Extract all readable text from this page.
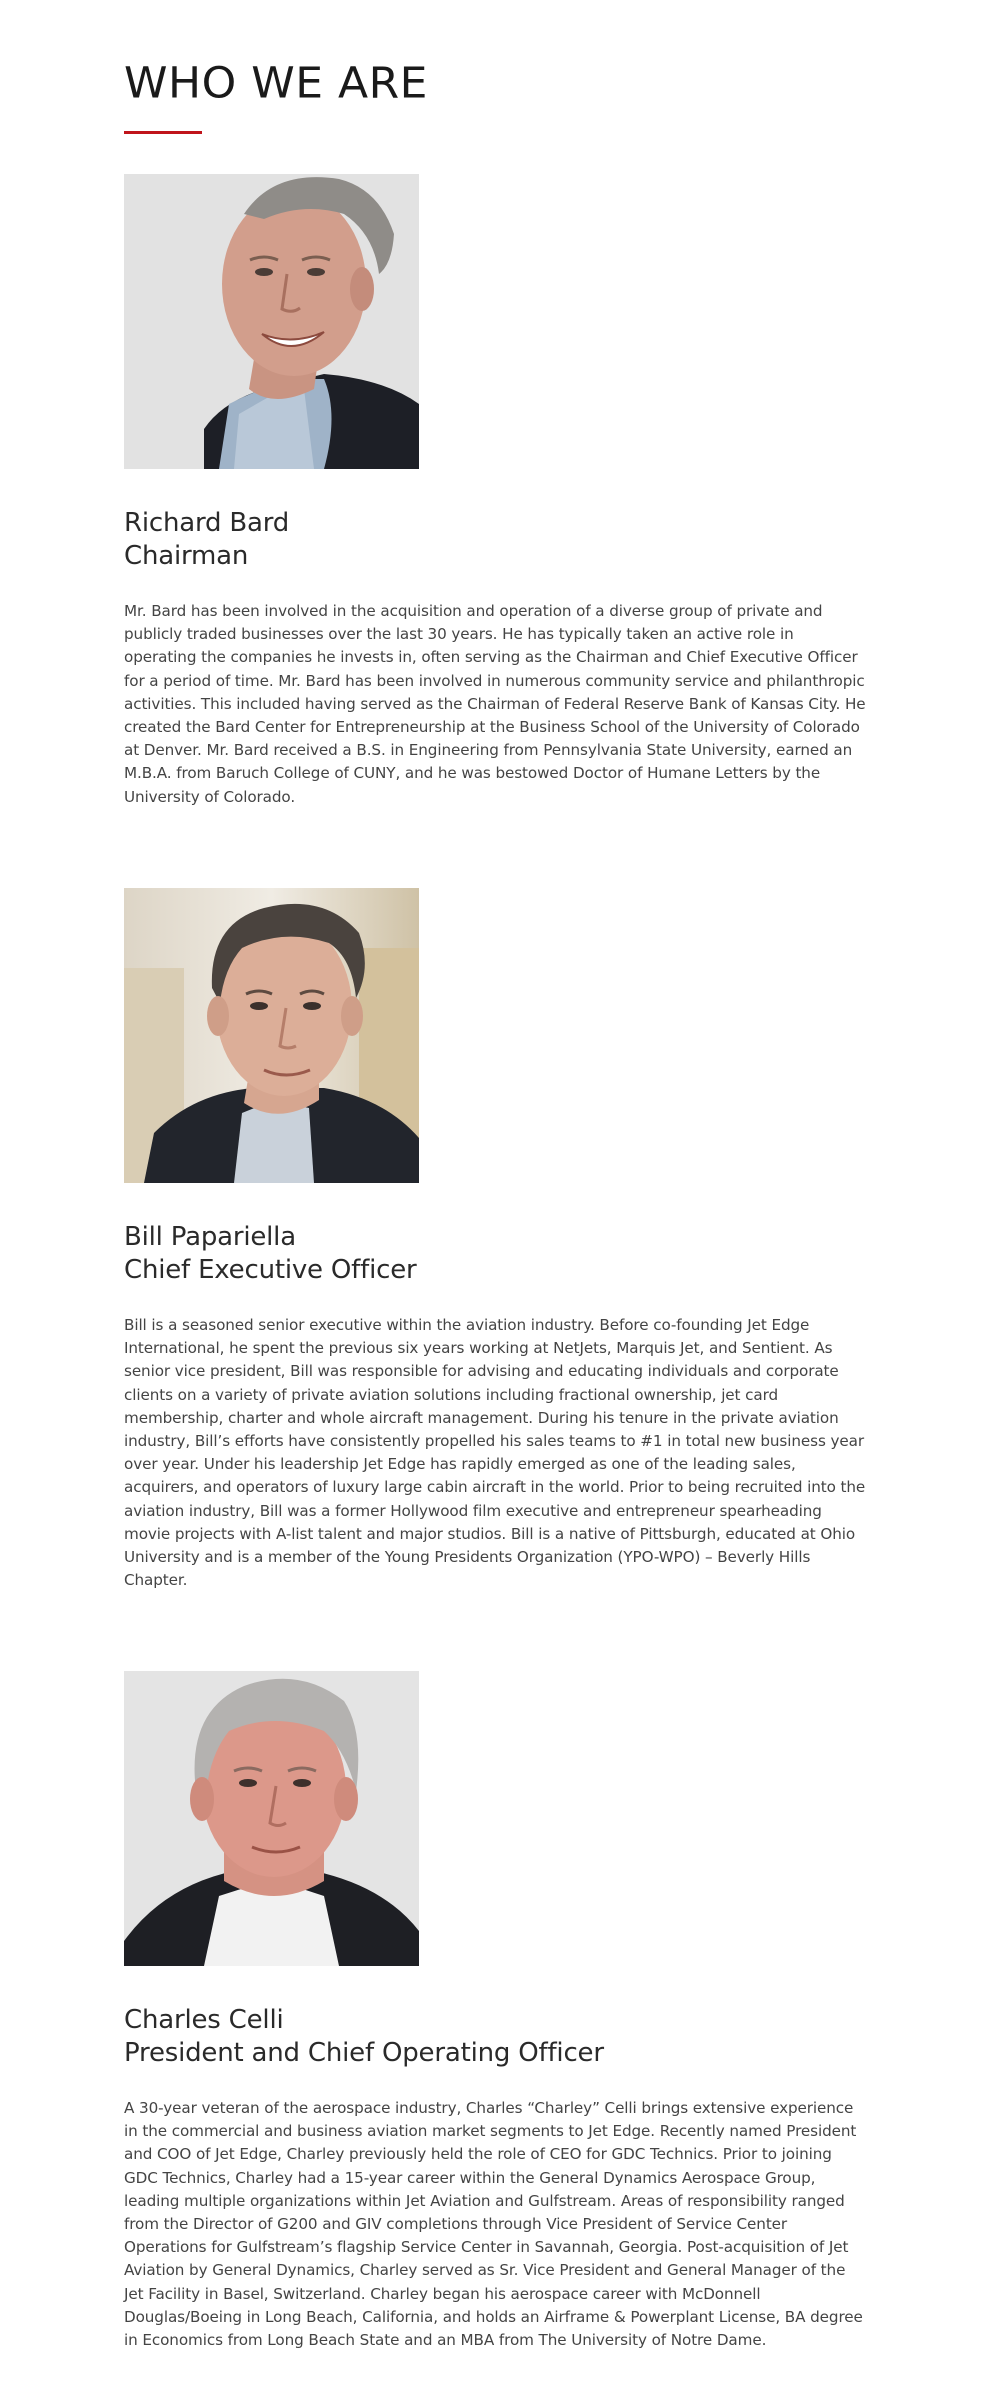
WHO WE ARE
Richard Bard
Chairman

Mr. Bard has been involved in the acquisition and operation of a diverse group of private and publicly traded businesses over the last 30 years. He has typically taken an active role in operating the companies he invests in, often serving as the Chairman and Chief Executive Officer for a period of time. Mr. Bard has been involved in numerous community service and philanthropic activities. This included having served as the Chairman of Federal Reserve Bank of Kansas City. He created the Bard Center for Entrepreneurship at the Business School of the University of Colorado at Denver. Mr. Bard received a B.S. in Engineering from Pennsylvania State University, earned an M.B.A. from Baruch College of CUNY, and he was bestowed Doctor of Humane Letters by the University of Colorado.

Bill Papariella
Chief Executive Officer

Bill is a seasoned senior executive within the aviation industry. Before co-founding Jet Edge International, he spent the previous six years working at NetJets, Marquis Jet, and Sentient. As senior vice president, Bill was responsible for advising and educating individuals and corporate clients on a variety of private aviation solutions including fractional ownership, jet card membership, charter and whole aircraft management. During his tenure in the private aviation industry, Bill’s efforts have consistently propelled his sales teams to #1 in total new business year over year. Under his leadership Jet Edge has rapidly emerged as one of the leading sales, acquirers, and operators of luxury large cabin aircraft in the world. Prior to being recruited into the aviation industry, Bill was a former Hollywood film executive and entrepreneur spearheading movie projects with A-list talent and major studios. Bill is a native of Pittsburgh, educated at Ohio University and is a member of the Young Presidents Organization (YPO-WPO) – Beverly Hills Chapter.

Charles Celli
President and Chief Operating Officer

A 30-year veteran of the aerospace industry, Charles “Charley” Celli brings extensive experience in the commercial and business aviation market segments to Jet Edge. Recently named President and COO of Jet Edge, Charley previously held the role of CEO for GDC Technics. Prior to joining GDC Technics, Charley had a 15-year career within the General Dynamics Aerospace Group, leading multiple organizations within Jet Aviation and Gulfstream. Areas of responsibility ranged from the Director of G200 and GIV completions through Vice President of Service Center Operations for Gulfstream’s flagship Service Center in Savannah, Georgia. Post-acquisition of Jet Aviation by General Dynamics, Charley served as Sr. Vice President and General Manager of the Jet Facility in Basel, Switzerland. Charley began his aerospace career with McDonnell Douglas/Boeing in Long Beach, California, and holds an Airframe & Powerplant License, BA degree in Economics from Long Beach State and an MBA from The University of Notre Dame.
